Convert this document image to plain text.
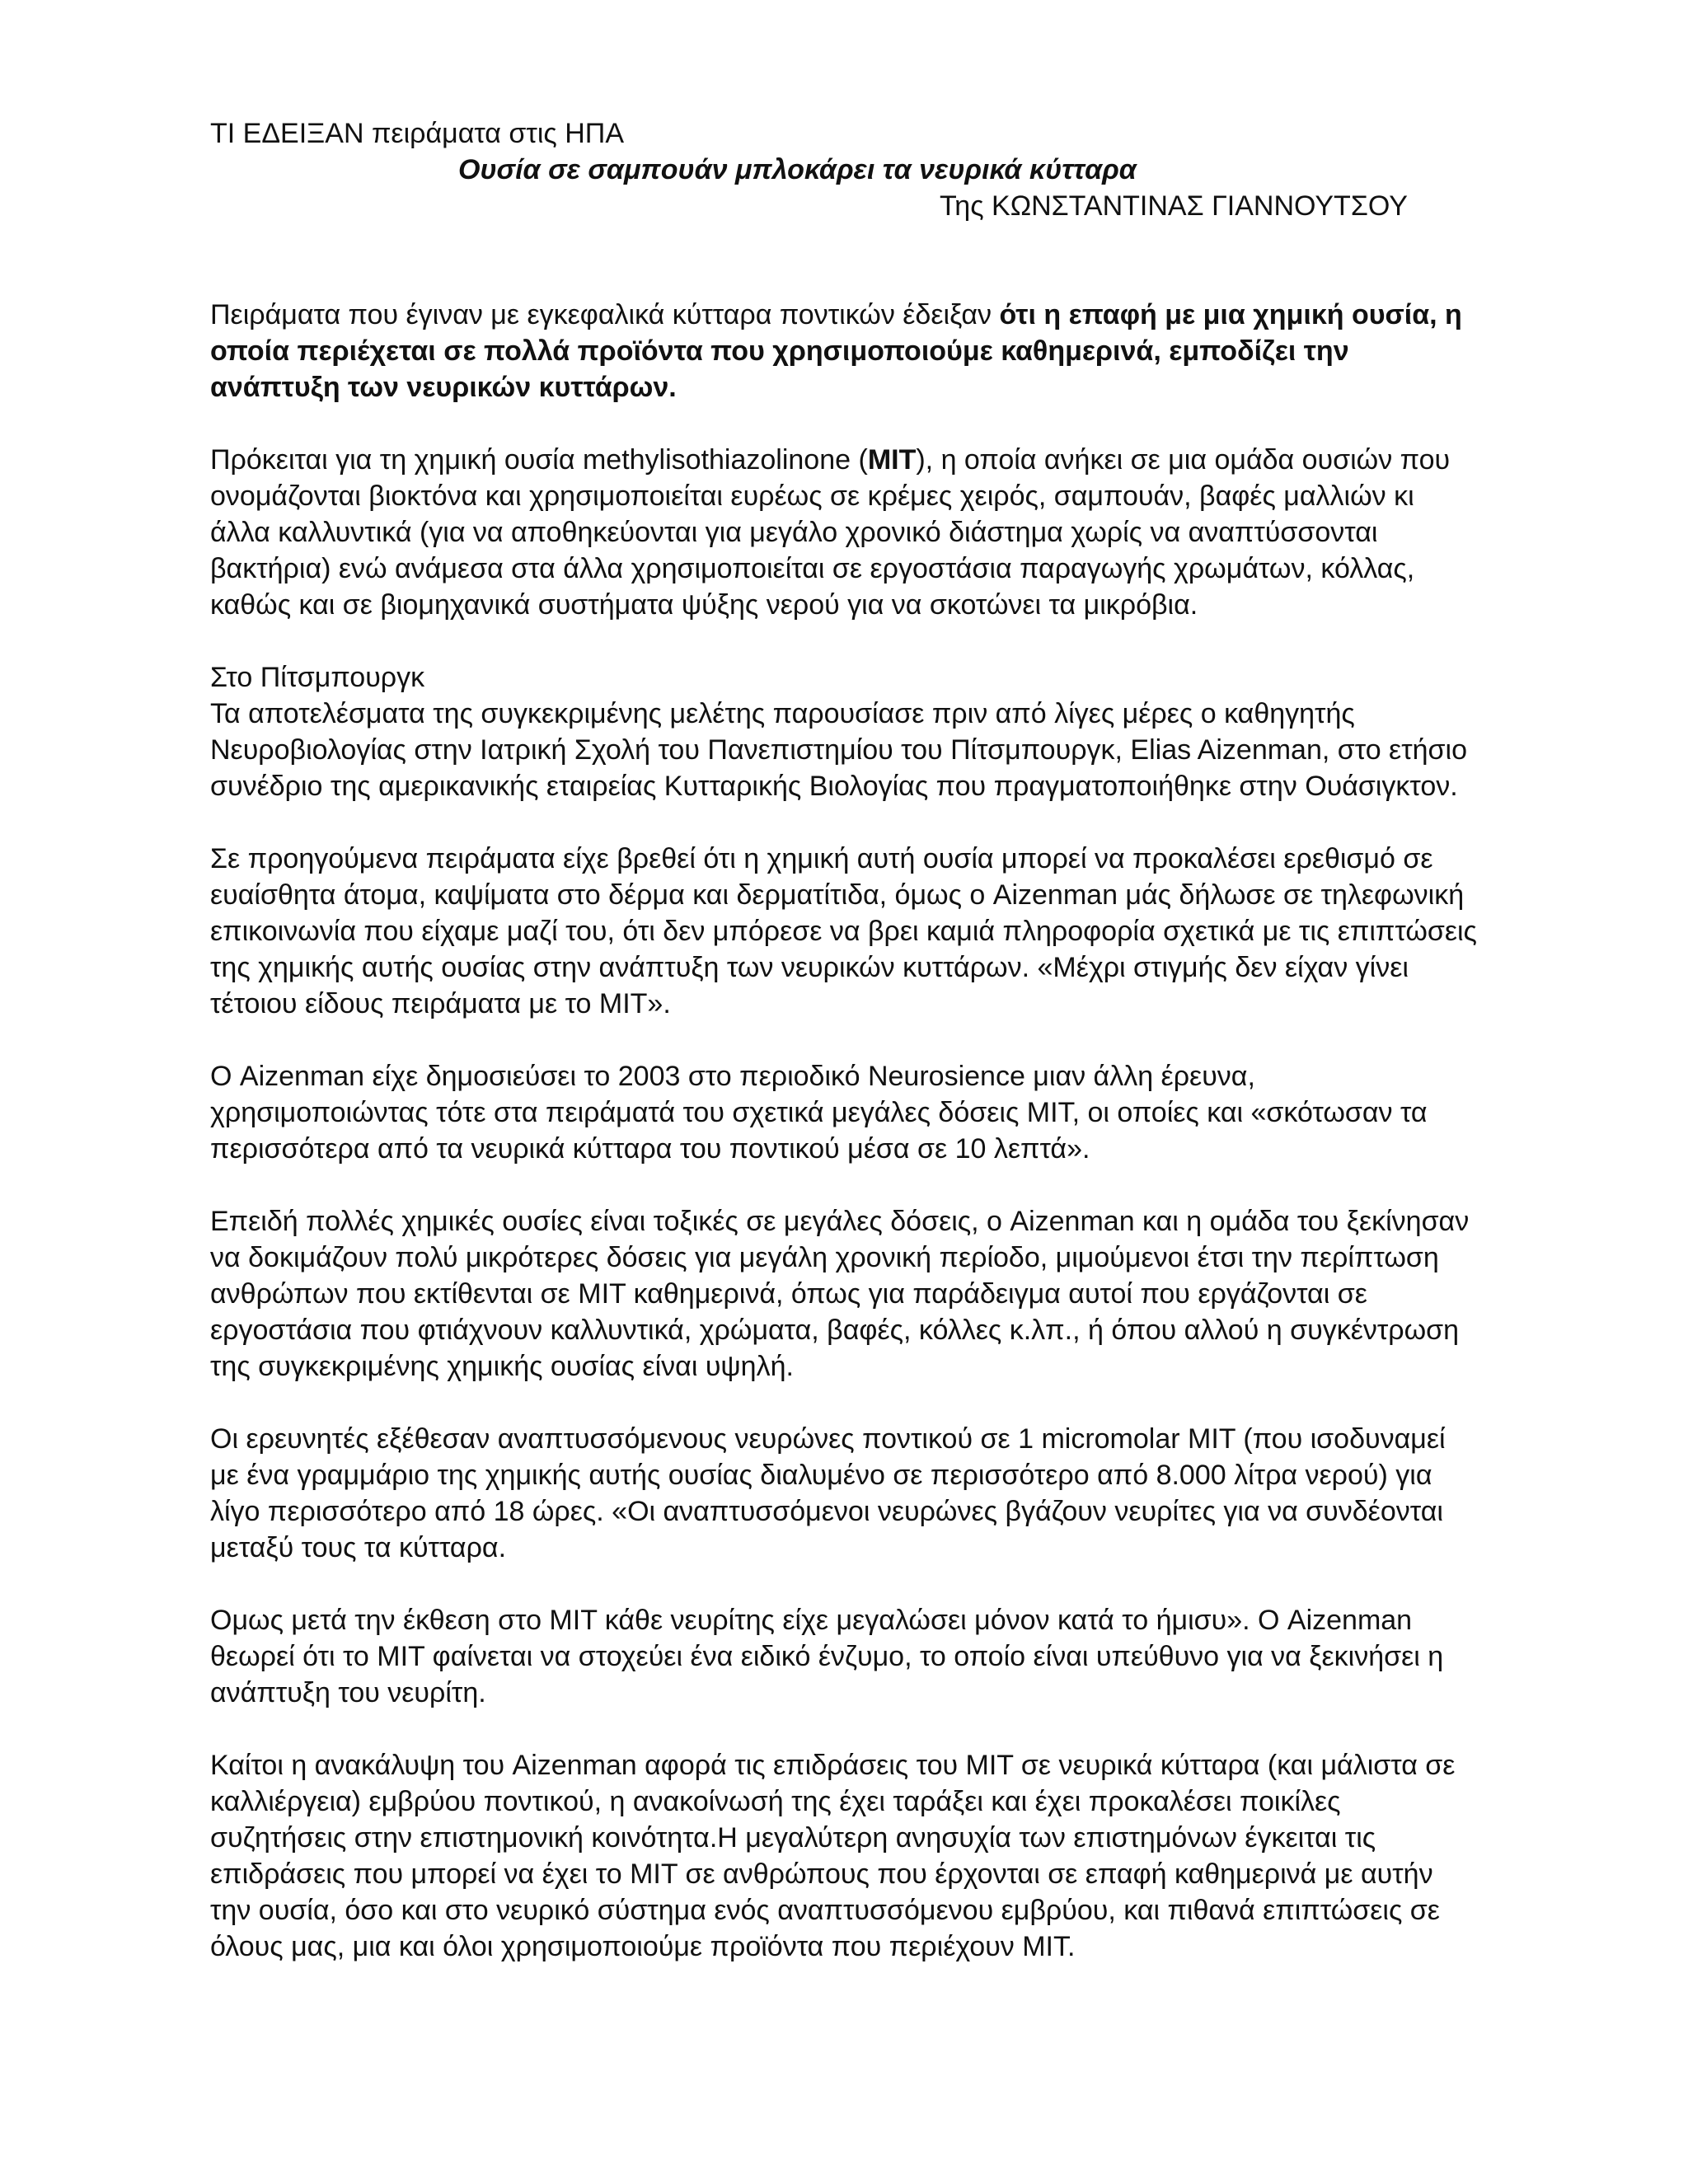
ΤΙ ΕΔΕΙΞΑΝ πειράματα στις ΗΠΑ

Ουσία σε σαμπουάν μπλοκάρει τα νευρικά κύτταρα

Της ΚΩΝΣΤΑΝΤΙΝΑΣ ΓΙΑΝΝΟΥΤΣΟΥ

Πειράματα που έγιναν με εγκεφαλικά κύτταρα ποντικών έδειξαν ότι η επαφή με μια χημική ουσία, η οποία περιέχεται σε πολλά προϊόντα που χρησιμοποιούμε καθημερινά, εμποδίζει την ανάπτυξη των νευρικών κυττάρων.

Πρόκειται για τη χημική ουσία methylisothiazolinone (MIT), η οποία ανήκει σε μια ομάδα ουσιών που ονομάζονται βιοκτόνα και χρησιμοποιείται ευρέως σε κρέμες χειρός, σαμπουάν, βαφές μαλλιών κι άλλα καλλυντικά (για να αποθηκεύονται για μεγάλο χρονικό διάστημα χωρίς να αναπτύσσονται βακτήρια) ενώ ανάμεσα στα άλλα χρησιμοποιείται σε εργοστάσια παραγωγής χρωμάτων, κόλλας, καθώς και σε βιομηχανικά συστήματα ψύξης νερού για να σκοτώνει τα μικρόβια.

Στο Πίτσμπουργκ

Τα αποτελέσματα της συγκεκριμένης μελέτης παρουσίασε πριν από λίγες μέρες ο καθηγητής Νευροβιολογίας στην Ιατρική Σχολή του Πανεπιστημίου του Πίτσμπουργκ, Elias Aizenman, στο ετήσιο συνέδριο της αμερικανικής εταιρείας Κυτταρικής Βιολογίας που πραγματοποιήθηκε στην Ουάσιγκτον.

Σε προηγούμενα πειράματα είχε βρεθεί ότι η χημική αυτή ουσία μπορεί να προκαλέσει ερεθισμό σε ευαίσθητα άτομα, καψίματα στο δέρμα και δερματίτιδα, όμως ο Aizenman μάς δήλωσε σε τηλεφωνική επικοινωνία που είχαμε μαζί του, ότι δεν μπόρεσε να βρει καμιά πληροφορία σχετικά με τις επιπτώσεις της χημικής αυτής ουσίας στην ανάπτυξη των νευρικών κυττάρων. «Μέχρι στιγμής δεν είχαν γίνει τέτοιου είδους πειράματα με το ΜΙΤ».

Ο Aizenman είχε δημοσιεύσει το 2003 στο περιοδικό Neurosience μιαν άλλη έρευνα, χρησιμοποιώντας τότε στα πειράματά του σχετικά μεγάλες δόσεις ΜΙΤ, οι οποίες και «σκότωσαν τα περισσότερα από τα νευρικά κύτταρα του ποντικού μέσα σε 10 λεπτά».

Επειδή πολλές χημικές ουσίες είναι τοξικές σε μεγάλες δόσεις, ο Aizenman και η ομάδα του ξεκίνησαν να δοκιμάζουν πολύ μικρότερες δόσεις για μεγάλη χρονική περίοδο, μιμούμενοι έτσι την περίπτωση ανθρώπων που εκτίθενται σε ΜΙΤ καθημερινά, όπως για παράδειγμα αυτοί που εργάζονται σε εργοστάσια που φτιάχνουν καλλυντικά, χρώματα, βαφές, κόλλες κ.λπ., ή όπου αλλού η συγκέντρωση της συγκεκριμένης χημικής ουσίας είναι υψηλή.

Οι ερευνητές εξέθεσαν αναπτυσσόμενους νευρώνες ποντικού σε 1 micromolar ΜΙΤ (που ισοδυναμεί με ένα γραμμάριο της χημικής αυτής ουσίας διαλυμένο σε περισσότερο από 8.000 λίτρα νερού) για λίγο περισσότερο από 18 ώρες. «Οι αναπτυσσόμενοι νευρώνες βγάζουν νευρίτες για να συνδέονται μεταξύ τους τα κύτταρα.

Ομως μετά την έκθεση στο ΜΙΤ κάθε νευρίτης είχε μεγαλώσει μόνον κατά το ήμισυ». Ο Aizenman θεωρεί ότι το ΜΙΤ φαίνεται να στοχεύει ένα ειδικό ένζυμο, το οποίο είναι υπεύθυνο για να ξεκινήσει η ανάπτυξη του νευρίτη.

Καίτοι η ανακάλυψη του Aizenman αφορά τις επιδράσεις του ΜΙΤ σε νευρικά κύτταρα (και μάλιστα σε καλλιέργεια) εμβρύου ποντικού, η ανακοίνωσή της έχει ταράξει και έχει προκαλέσει ποικίλες συζητήσεις στην επιστημονική κοινότητα.Η μεγαλύτερη ανησυχία των επιστημόνων έγκειται τις επιδράσεις που μπορεί να έχει το ΜΙΤ σε ανθρώπους που έρχονται σε επαφή καθημερινά με αυτήν την ουσία, όσο και στο νευρικό σύστημα ενός αναπτυσσόμενου εμβρύου, και πιθανά επιπτώσεις σε όλους μας, μια και όλοι χρησιμοποιούμε προϊόντα που περιέχουν ΜΙΤ.
